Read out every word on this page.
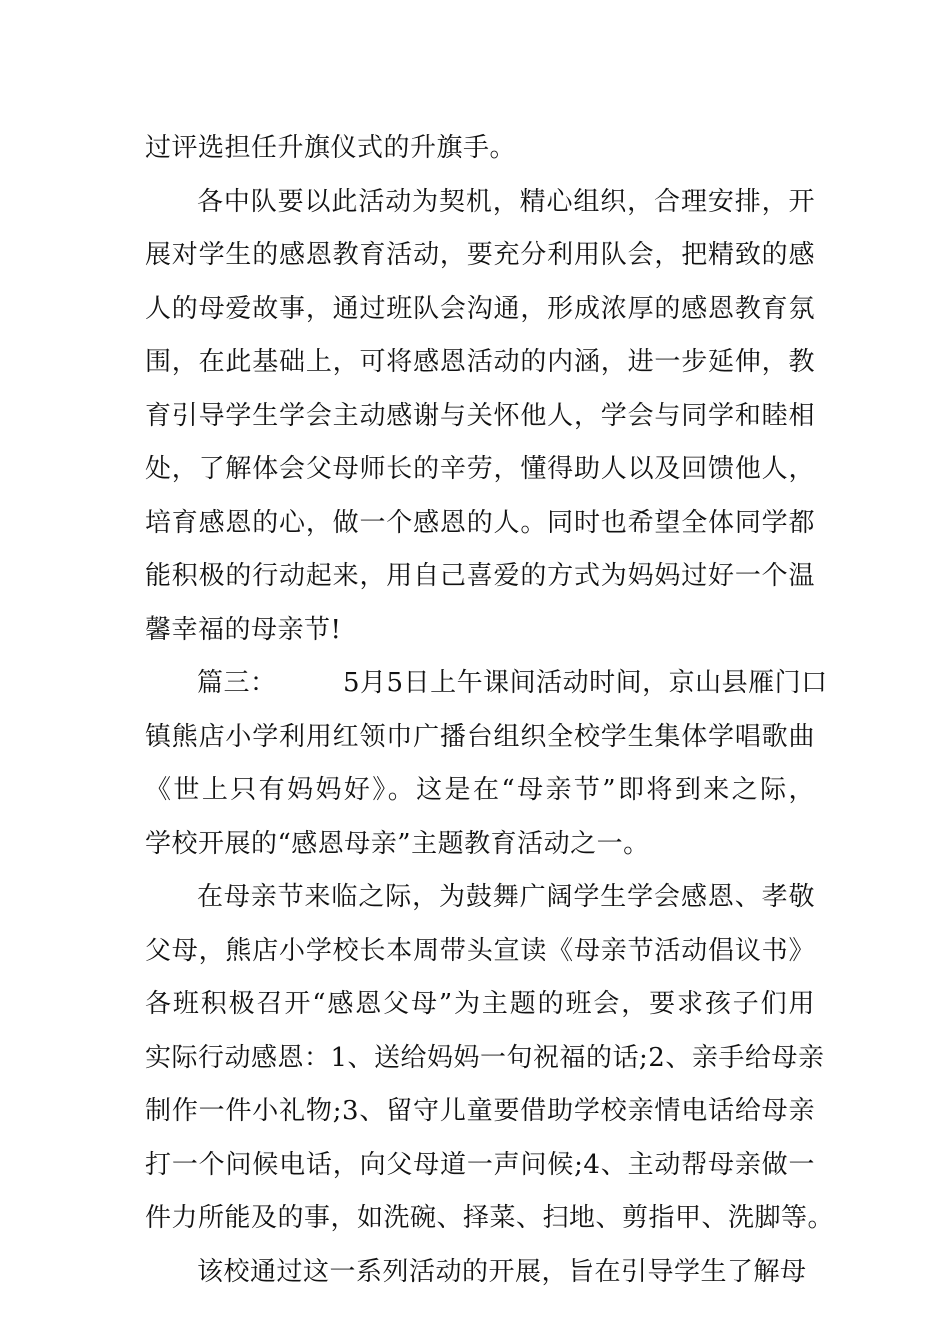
过评选担任升旗仪式的升旗手。
各中队要以此活动为契机，精心组织，合理安排，开
展对学生的感恩教育活动，要充分利用队会，把精致的感
人的母爱故事，通过班队会沟通，形成浓厚的感恩教育氛
围，在此基础上，可将感恩活动的内涵，进一步延伸，教
育引导学生学会主动感谢与关怀他人，学会与同学和睦相
处，了解体会父母师长的辛劳，懂得助人以及回馈他人，
培育感恩的心，做一个感恩的人。同时也希望全体同学都
能积极的行动起来，用自己喜爱的方式为妈妈过好一个温
馨幸福的母亲节!
篇三：　　　5月5日上午课间活动时间，京山县雁门口
镇熊店小学利用红领巾广播台组织全校学生集体学唱歌曲
《世上只有妈妈好》。这是在“母亲节”即将到来之际，
学校开展的“感恩母亲”主题教育活动之一。
在母亲节来临之际，为鼓舞广阔学生学会感恩、孝敬
父母，熊店小学校长本周带头宣读《母亲节活动倡议书》
各班积极召开“感恩父母”为主题的班会，要求孩子们用
实际行动感恩：1、送给妈妈一句祝福的话;2、亲手给母亲
制作一件小礼物;3、留守儿童要借助学校亲情电话给母亲
打一个问候电话，向父母道一声问候;4、主动帮母亲做一
件力所能及的事，如洗碗、择菜、扫地、剪指甲、洗脚等。
该校通过这一系列活动的开展，旨在引导学生了解母
